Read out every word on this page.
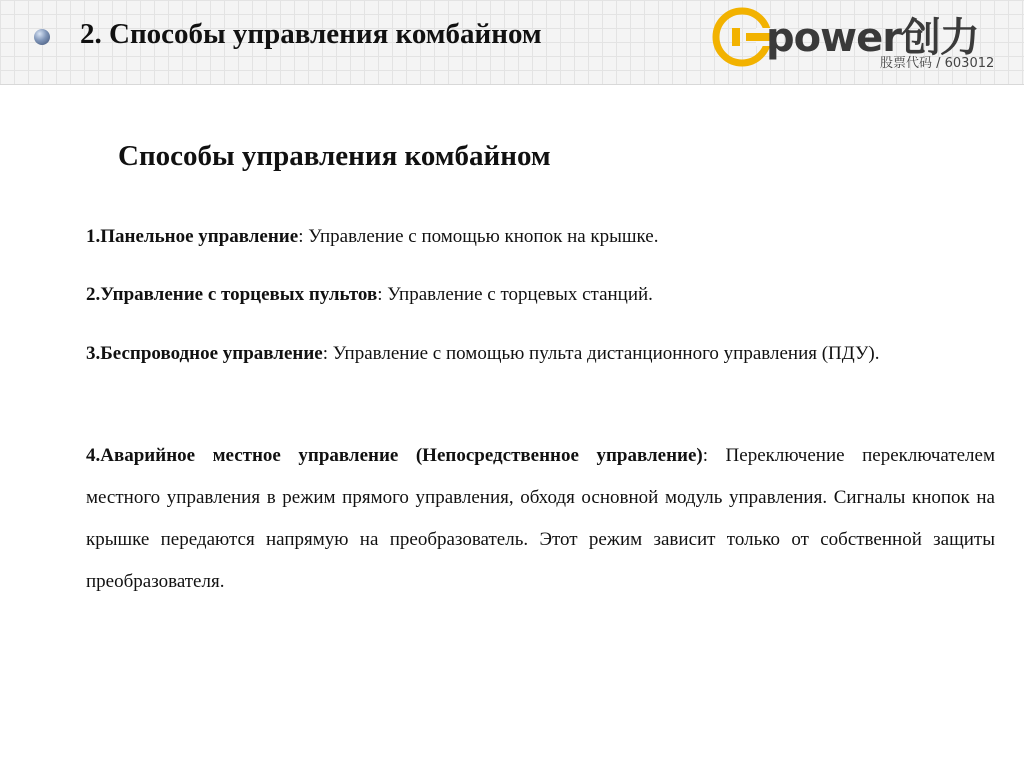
2. Способы управления комбайном	power创力
股票代码 / 603012
Способы управления комбайном

1.Панельное управление: Управление с помощью кнопок на крышке.

2.Управление с торцевых пультов: Управление с торцевых станций.

3.Беспроводное управление: Управление с помощью пульта дистанционного управления (ПДУ).

4.Аварийное местное управление (Непосредственное управление): Переключение переключателем местного управления в режим прямого управления, обходя основной модуль управления. Сигналы кнопок на крышке передаются напрямую на преобразователь. Этот режим зависит только от собственной защиты преобразователя.
